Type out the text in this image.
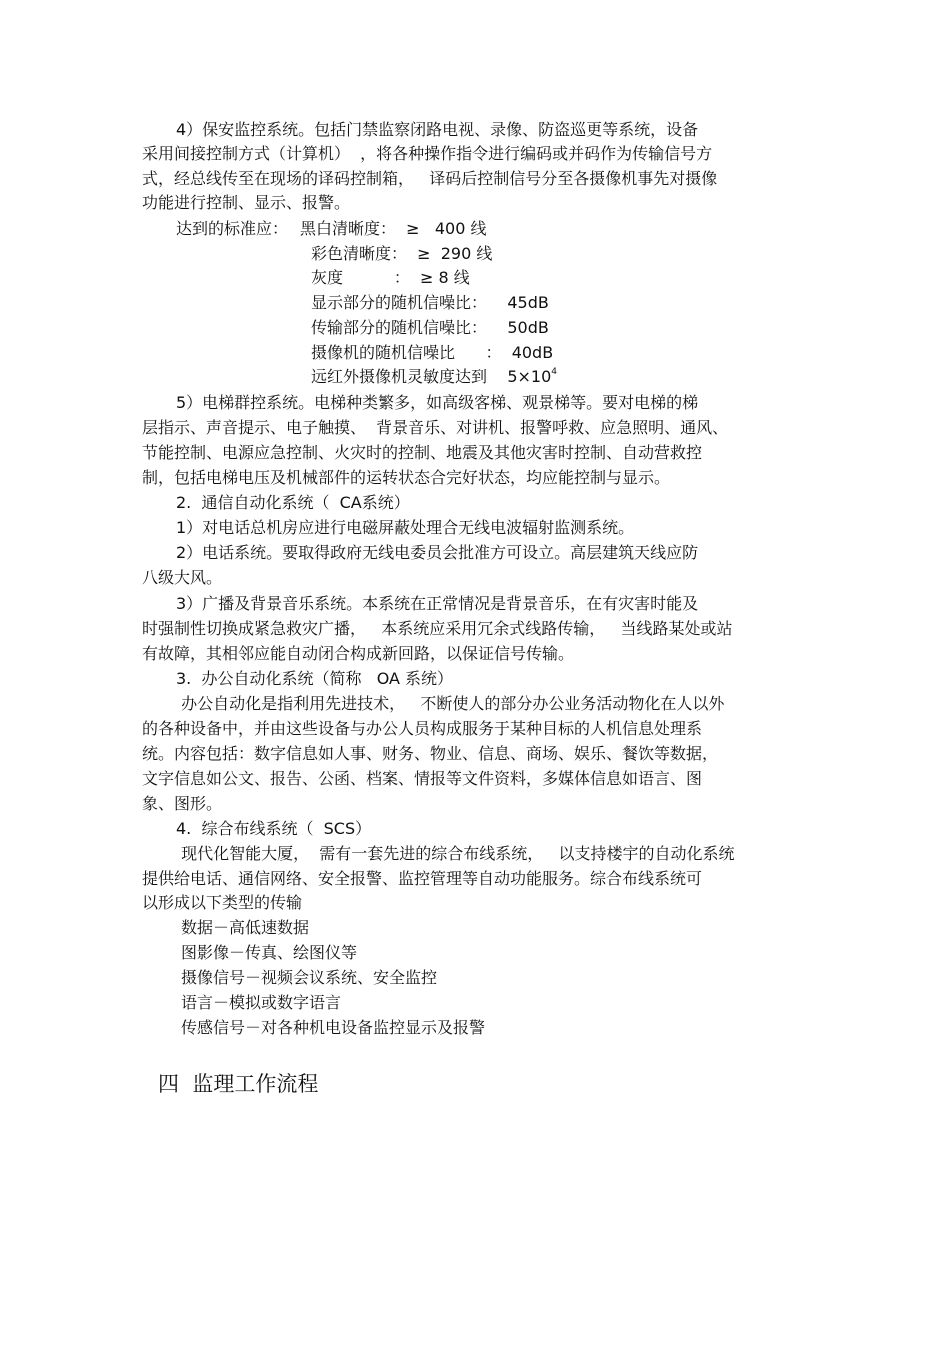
4）保安监控系统。包括门禁监察闭路电视、录像、防盗巡更等系统，设备
采用间接控制方式（计算机）  ，将各种操作指令进行编码或并码作为传输信号方
式，经总线传至在现场的译码控制箱，   译码后控制信号分至各摄像机事先对摄像
功能进行控制、显示、报警。
达到的标准应： 黑白清晰度：  ≥   400 线
彩色清晰度：  ≥  290 线
灰度          ：  ≥ 8 线
显示部分的随机信噪比：    45dB
传输部分的随机信噪比：    50dB
摄像机的随机信噪比      ：  40dB
远红外摄像机灵敏度达到    $5\times 10^4$
5）电梯群控系统。电梯种类繁多，如高级客梯、观景梯等。要对电梯的梯
层指示、声音提示、电子触摸、  背景音乐、对讲机、报警呼救、应急照明、通风、
节能控制、电源应急控制、火灾时的控制、地震及其他灾害时控制、自动营救控
制，包括电梯电压及机械部件的运转状态合完好状态，均应能控制与显示。
2.  通信自动化系统（  CA系统）
1）对电话总机房应进行电磁屏蔽处理合无线电波辐射监测系统。
2）电话系统。要取得政府无线电委员会批准方可设立。高层建筑天线应防
八级大风。
3）广播及背景音乐系统。本系统在正常情况是背景音乐，在有灾害时能及
时强制性切换成紧急救灾广播，   本系统应采用冗余式线路传输，   当线路某处或站
有故障，其相邻应能自动闭合构成新回路，以保证信号传输。
3.  办公自动化系统（简称   OA 系统）
办公自动化是指利用先进技术，   不断使人的部分办公业务活动物化在人以外
的各种设备中，并由这些设备与办公人员构成服务于某种目标的人机信息处理系
统。内容包括：数字信息如人事、财务、物业、信息、商场、娱乐、餐饮等数据，
文字信息如公文、报告、公函、档案、情报等文件资料，多媒体信息如语言、图
象、图形。
4.  综合布线系统（  SCS）
现代化智能大厦，  需有一套先进的综合布线系统，   以支持楼宇的自动化系统
提供给电话、通信网络、安全报警、监控管理等自动功能服务。综合布线系统可
以形成以下类型的传输
数据－高低速数据
图影像－传真、绘图仪等
摄像信号－视频会议系统、安全监控
语言－模拟或数字语言
传感信号－对各种机电设备监控显示及报警
四  监理工作流程
